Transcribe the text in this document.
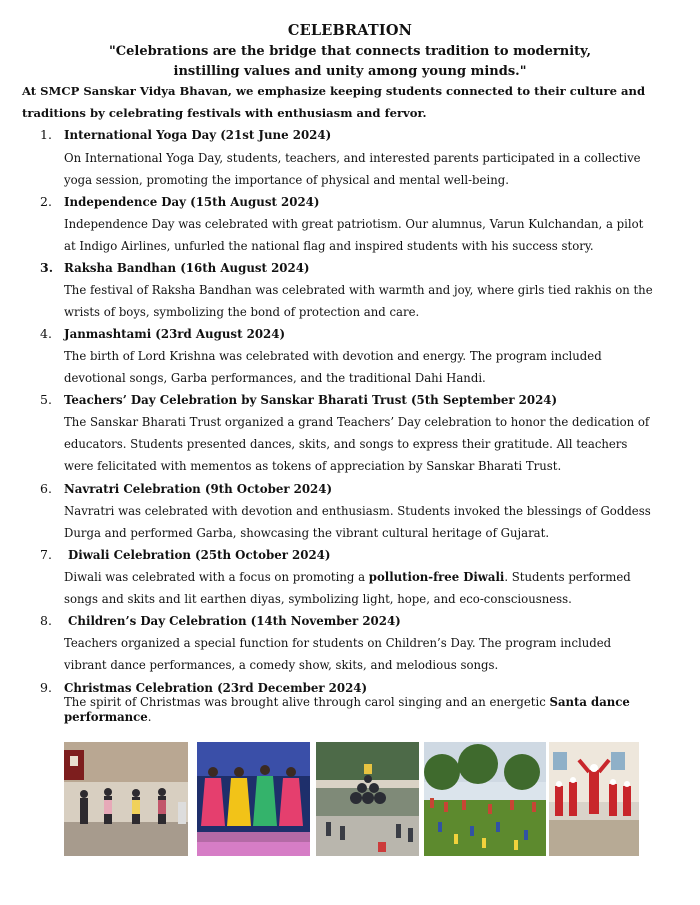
CELEBRATION
"Celebrations are the bridge that connects tradition to modernity,
instilling values and unity among young minds."
At SMCP Sanskar Vidya Bhavan, we emphasize keeping students connected to their culture and
traditions by celebrating festivals with enthusiasm and fervor.
1. International Yoga Day (21st June 2024)
On International Yoga Day, students, teachers, and interested parents participated in a collective
yoga session, promoting the importance of physical and mental well-being.
2. Independence Day (15th August 2024)
Independence Day was celebrated with great patriotism. Our alumnus, Varun Kulchandan, a pilot
at Indigo Airlines, unfurled the national flag and inspired students with his success story.
3. Raksha Bandhan (16th August 2024)
The festival of Raksha Bandhan was celebrated with warmth and joy, where girls tied rakhis on the
wrists of boys, symbolizing the bond of protection and care.
4. Janmashtami (23rd August 2024)
The birth of Lord Krishna was celebrated with devotion and energy. The program included
devotional songs, Garba performances, and the traditional Dahi Handi.
5. Teachers’ Day Celebration by Sanskar Bharati Trust (5th September 2024)
The Sanskar Bharati Trust organized a grand Teachers’ Day celebration to honor the dedication of
educators. Students presented dances, skits, and songs to express their gratitude. All teachers
were felicitated with mementos as tokens of appreciation by Sanskar Bharati Trust.
6. Navratri Celebration (9th October 2024)
Navratri was celebrated with devotion and enthusiasm. Students invoked the blessings of Goddess
Durga and performed Garba, showcasing the vibrant cultural heritage of Gujarat.
7. Diwali Celebration (25th October 2024)
Diwali was celebrated with a focus on promoting a pollution-free Diwali. Students performed
songs and skits and lit earthen diyas, symbolizing light, hope, and eco-consciousness.
8. Children’s Day Celebration (14th November 2024)
Teachers organized a special function for students on Children’s Day. The program included
vibrant dance performances, a comedy show, skits, and melodious songs.
9. Christmas Celebration (23rd December 2024)
The spirit of Christmas was brought alive through carol singing and an energetic Santa dance
performance.
